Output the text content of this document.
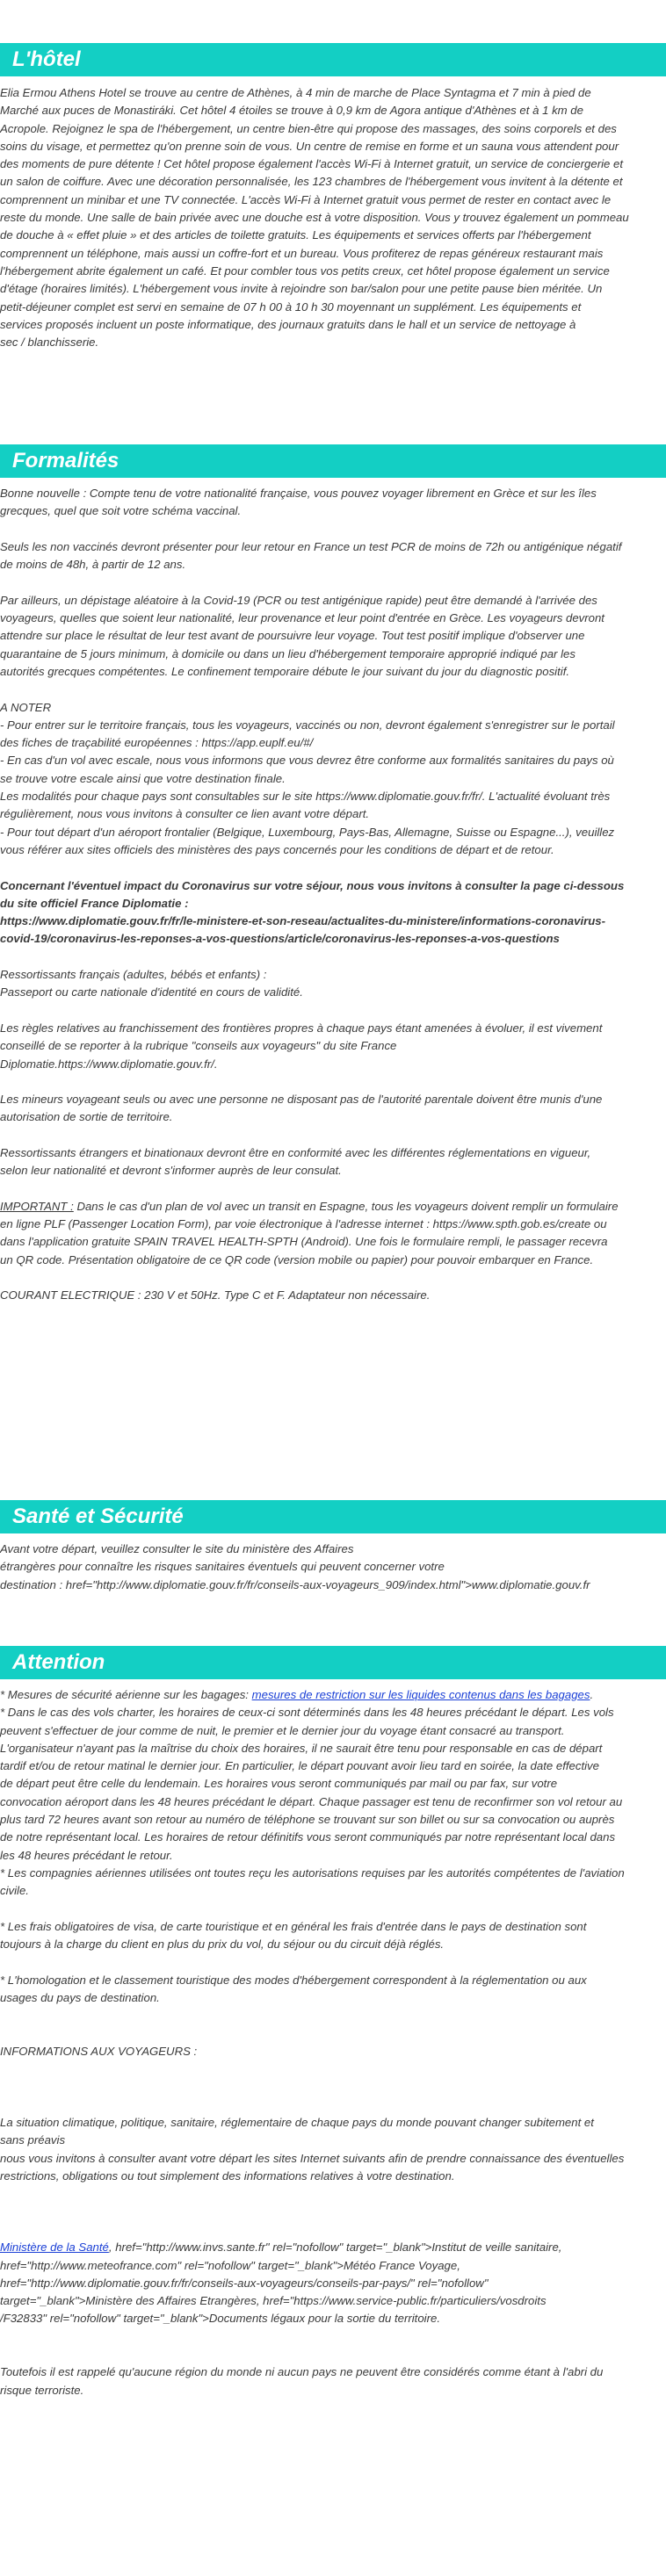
L'hôtel
Elia Ermou Athens Hotel se trouve au centre de Athènes, à 4 min de marche de Place Syntagma et 7 min à pied de
Marché aux puces de Monastiráki. Cet hôtel 4 étoiles se trouve à 0,9 km de Agora antique d'Athènes et à 1 km de
Acropole. Rejoignez le spa de l'hébergement, un centre bien-être qui propose des massages, des soins corporels et des
soins du visage, et permettez qu'on prenne soin de vous. Un centre de remise en forme et un sauna vous attendent pour
des moments de pure détente ! Cet hôtel propose également l'accès Wi-Fi à Internet gratuit, un service de conciergerie et
un salon de coiffure. Avec une décoration personnalisée, les 123 chambres de l'hébergement vous invitent à la détente et
comprennent un minibar et une TV connectée. L'accès Wi-Fi à Internet gratuit vous permet de rester en contact avec le
reste du monde. Une salle de bain privée avec une douche est à votre disposition. Vous y trouvez également un pommeau
de douche à « effet pluie » et des articles de toilette gratuits. Les équipements et services offerts par l'hébergement
comprennent un téléphone, mais aussi un coffre-fort et un bureau. Vous profiterez de repas généreux restaurant mais
l'hébergement abrite également un café. Et pour combler tous vos petits creux, cet hôtel propose également un service
d'étage (horaires limités). L'hébergement vous invite à rejoindre son bar/salon pour une petite pause bien méritée. Un
petit-déjeuner complet est servi en semaine de 07 h 00 à 10 h 30 moyennant un supplément. Les équipements et
services proposés incluent un poste informatique, des journaux gratuits dans le hall et un service de nettoyage à
sec / blanchisserie.
Formalités
Bonne nouvelle : Compte tenu de votre nationalité française, vous pouvez voyager librement en Grèce et sur les îles
grecques, quel que soit votre schéma vaccinal.
Seuls les non vaccinés devront présenter pour leur retour en France un test PCR de moins de 72h ou antigénique négatif
de moins de 48h, à partir de 12 ans.
Par ailleurs, un dépistage aléatoire à la Covid-19 (PCR ou test antigénique rapide) peut être demandé à l'arrivée des
voyageurs, quelles que soient leur nationalité, leur provenance et leur point d'entrée en Grèce. Les voyageurs devront
attendre sur place le résultat de leur test avant de poursuivre leur voyage. Tout test positif implique d'observer une
quarantaine de 5 jours minimum, à domicile ou dans un lieu d'hébergement temporaire approprié indiqué par les
autorités grecques compétentes. Le confinement temporaire débute le jour suivant du jour du diagnostic positif.
A NOTER
- Pour entrer sur le territoire français, tous les voyageurs, vaccinés ou non, devront également s'enregistrer sur le portail
des fiches de traçabilité européennes : https://app.euplf.eu/#/
- En cas d'un vol avec escale, nous vous informons que vous devrez être conforme aux formalités sanitaires du pays où
se trouve votre escale ainsi que votre destination finale.
Les modalités pour chaque pays sont consultables sur le site https://www.diplomatie.gouv.fr/fr/. L'actualité évoluant très
régulièrement, nous vous invitons à consulter ce lien avant votre départ.
- Pour tout départ d'un aéroport frontalier (Belgique, Luxembourg, Pays-Bas, Allemagne, Suisse ou Espagne...), veuillez
vous référer aux sites officiels des ministères des pays concernés pour les conditions de départ et de retour.
Concernant l'éventuel impact du Coronavirus sur votre séjour, nous vous invitons à consulter la page ci-dessous
du site officiel France Diplomatie :
https://www.diplomatie.gouv.fr/fr/le-ministere-et-son-reseau/actualites-du-ministere/informations-coronavirus-
covid-19/coronavirus-les-reponses-a-vos-questions/article/coronavirus-les-reponses-a-vos-questions
Ressortissants français (adultes, bébés et enfants) :
Passeport ou carte nationale d'identité en cours de validité.
Les règles relatives au franchissement des frontières propres à chaque pays étant amenées à évoluer, il est vivement
conseillé de se reporter à la rubrique "conseils aux voyageurs" du site France
Diplomatie.https://www.diplomatie.gouv.fr/.
Les mineurs voyageant seuls ou avec une personne ne disposant pas de l'autorité parentale doivent être munis d'une
autorisation de sortie de territoire.
Ressortissants étrangers et binationaux devront être en conformité avec les différentes réglementations en vigueur,
selon leur nationalité et devront s'informer auprès de leur consulat.
IMPORTANT : Dans le cas d'un plan de vol avec un transit en Espagne, tous les voyageurs doivent remplir un formulaire
en ligne PLF (Passenger Location Form), par voie électronique à l'adresse internet : https://www.spth.gob.es/create ou
dans l'application gratuite SPAIN TRAVEL HEALTH-SPTH (Android). Une fois le formulaire rempli, le passager recevra
un QR code. Présentation obligatoire de ce QR code (version mobile ou papier) pour pouvoir embarquer en France.
COURANT ELECTRIQUE : 230 V et 50Hz. Type C et F. Adaptateur non nécessaire.
Santé et Sécurité
Avant votre départ, veuillez consulter le site du ministère des Affaires
étrangères pour connaître les risques sanitaires éventuels qui peuvent concerner votre
destination : href="http://www.diplomatie.gouv.fr/fr/conseils-aux-voyageurs_909/index.html">www.diplomatie.gouv.fr
Attention
* Mesures de sécurité aérienne sur les bagages: mesures de restriction sur les liquides contenus dans les bagages.
* Dans le cas des vols charter, les horaires de ceux-ci sont déterminés dans les 48 heures précédant le départ. Les vols
peuvent s'effectuer de jour comme de nuit, le premier et le dernier jour du voyage étant consacré au transport.
L'organisateur n'ayant pas la maîtrise du choix des horaires, il ne saurait être tenu pour responsable en cas de départ
tardif et/ou de retour matinal le dernier jour. En particulier, le départ pouvant avoir lieu tard en soirée, la date effective
de départ peut être celle du lendemain. Les horaires vous seront communiqués par mail ou par fax, sur votre
convocation aéroport dans les 48 heures précédant le départ. Chaque passager est tenu de reconfirmer son vol retour au
plus tard 72 heures avant son retour au numéro de téléphone se trouvant sur son billet ou sur sa convocation ou auprès
de notre représentant local. Les horaires de retour définitifs vous seront communiqués par notre représentant local dans
les 48 heures précédant le retour.
* Les compagnies aériennes utilisées ont toutes reçu les autorisations requises par les autorités compétentes de l'aviation
civile.
* Les frais obligatoires de visa, de carte touristique et en général les frais d'entrée dans le pays de destination sont
toujours à la charge du client en plus du prix du vol, du séjour ou du circuit déjà réglés.
* L'homologation et le classement touristique des modes d'hébergement correspondent à la réglementation ou aux
usages du pays de destination.
INFORMATIONS AUX VOYAGEURS :
La situation climatique, politique, sanitaire, réglementaire de chaque pays du monde pouvant changer subitement et
sans préavis
nous vous invitons à consulter avant votre départ les sites Internet suivants afin de prendre connaissance des éventuelles
restrictions, obligations ou tout simplement des informations relatives à votre destination.
Ministère de la Santé, href="http://www.invs.sante.fr" rel="nofollow" target="_blank">Institut de veille sanitaire,
href="http://www.meteofrance.com" rel="nofollow" target="_blank">Météo France Voyage,
href="http://www.diplomatie.gouv.fr/fr/conseils-aux-voyageurs/conseils-par-pays/" rel="nofollow"
target="_blank">Ministère des Affaires Etrangères, href="https://www.service-public.fr/particuliers/vosdroits
/F32833" rel="nofollow" target="_blank">Documents légaux pour la sortie du territoire.
Toutefois il est rappelé qu'aucune région du monde ni aucun pays ne peuvent être considérés comme étant à l'abri du
risque terroriste.
